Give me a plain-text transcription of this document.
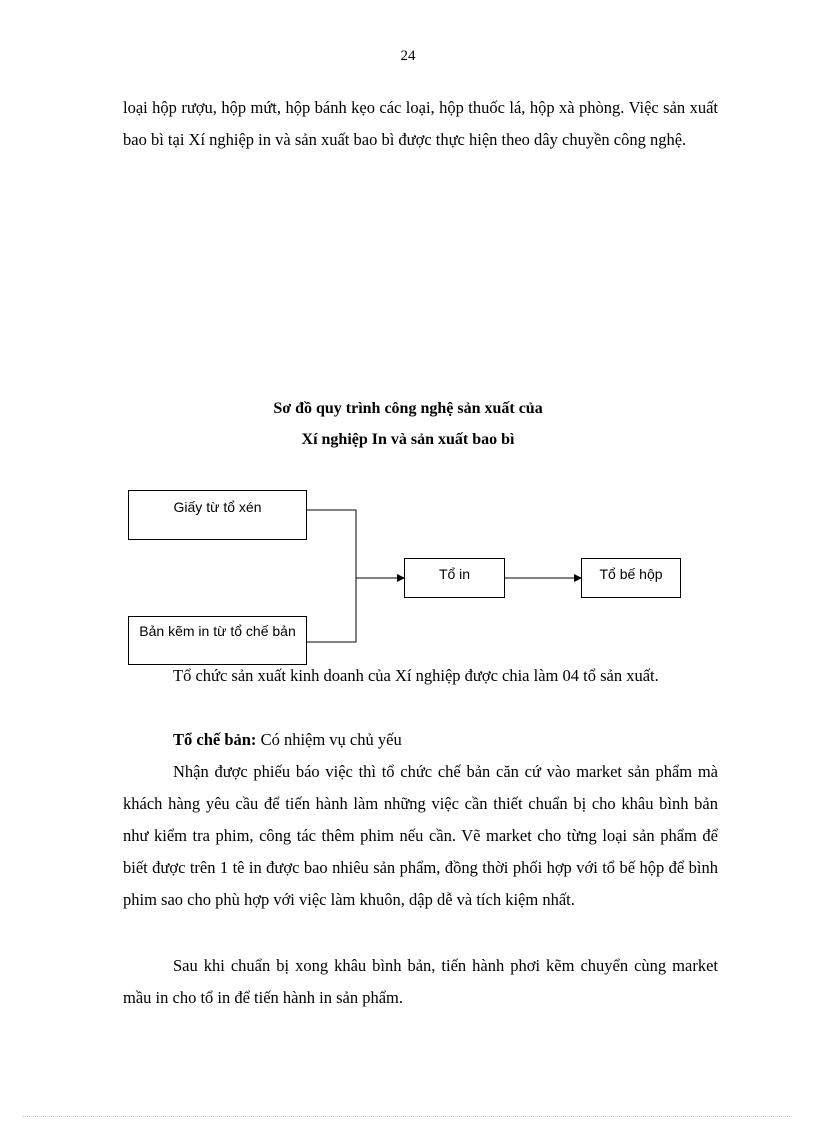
24

loại hộp rượu, hộp mứt, hộp bánh kẹo các loại, hộp thuốc lá, hộp xà phòng. Việc sản xuất bao bì tại Xí nghiệp in và sản xuất bao bì được thực hiện theo dây chuyền công nghệ.

Sơ đồ quy trình công nghệ sản xuất của
Xí nghiệp In và sản xuất bao bì
Giấy từ tổ xén
Bản kẽm in từ tổ chế bản
Tổ in	Tổ bế hộp

Tổ chức sản xuất kinh doanh của Xí nghiệp được chia làm 04 tổ sản xuất.

Tổ chế bản: Có nhiệm vụ chủ yếu

Nhận được phiếu báo việc thì tổ chức chế bản căn cứ vào market sản phẩm mà khách hàng yêu cầu để tiến hành làm những việc cần thiết chuẩn bị cho khâu bình bản như kiểm tra phim, công tác thêm phim nếu cần. Vẽ market cho từng loại sản phẩm để biết được trên 1 tê in được bao nhiêu sản phẩm, đồng thời phối hợp với tổ bế hộp để bình phim sao cho phù hợp với việc làm khuôn, dập dễ và tích kiệm nhất.

Sau khi chuẩn bị xong khâu bình bản, tiến hành phơi kẽm chuyển cùng market mầu in cho tổ in để tiến hành in sản phẩm.
